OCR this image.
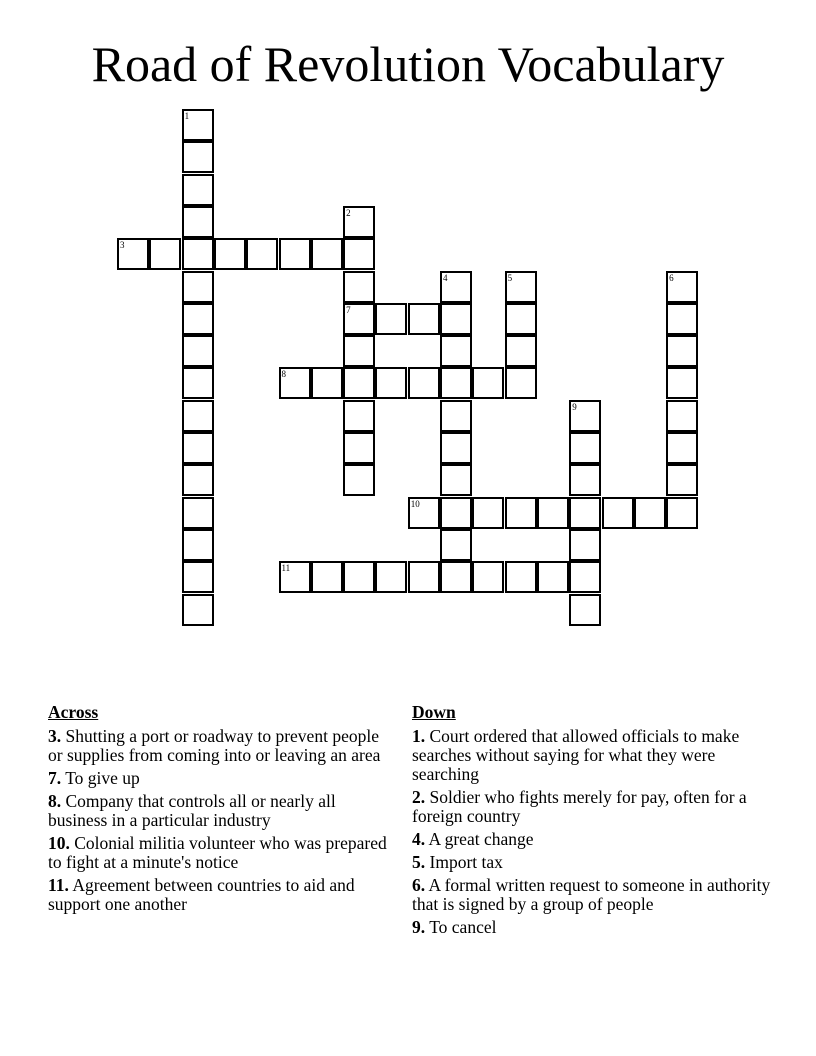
Road of Revolution Vocabulary
1
2
7
3
4	5	6
8
9
10
11
Across
3. Shutting a port or roadway to prevent people or supplies from coming into or leaving an area
7. To give up
8. Company that controls all or nearly all business in a particular industry
10. Colonial militia volunteer who was prepared to fight at a minute's notice
11. Agreement between countries to aid and support one another
Down
1. Court ordered that allowed officials to make searches without saying for what they were searching
2. Soldier who fights merely for pay, often for a foreign country
4. A great change
5. Import tax
6. A formal written request to someone in authority that is signed by a group of people
9. To cancel
